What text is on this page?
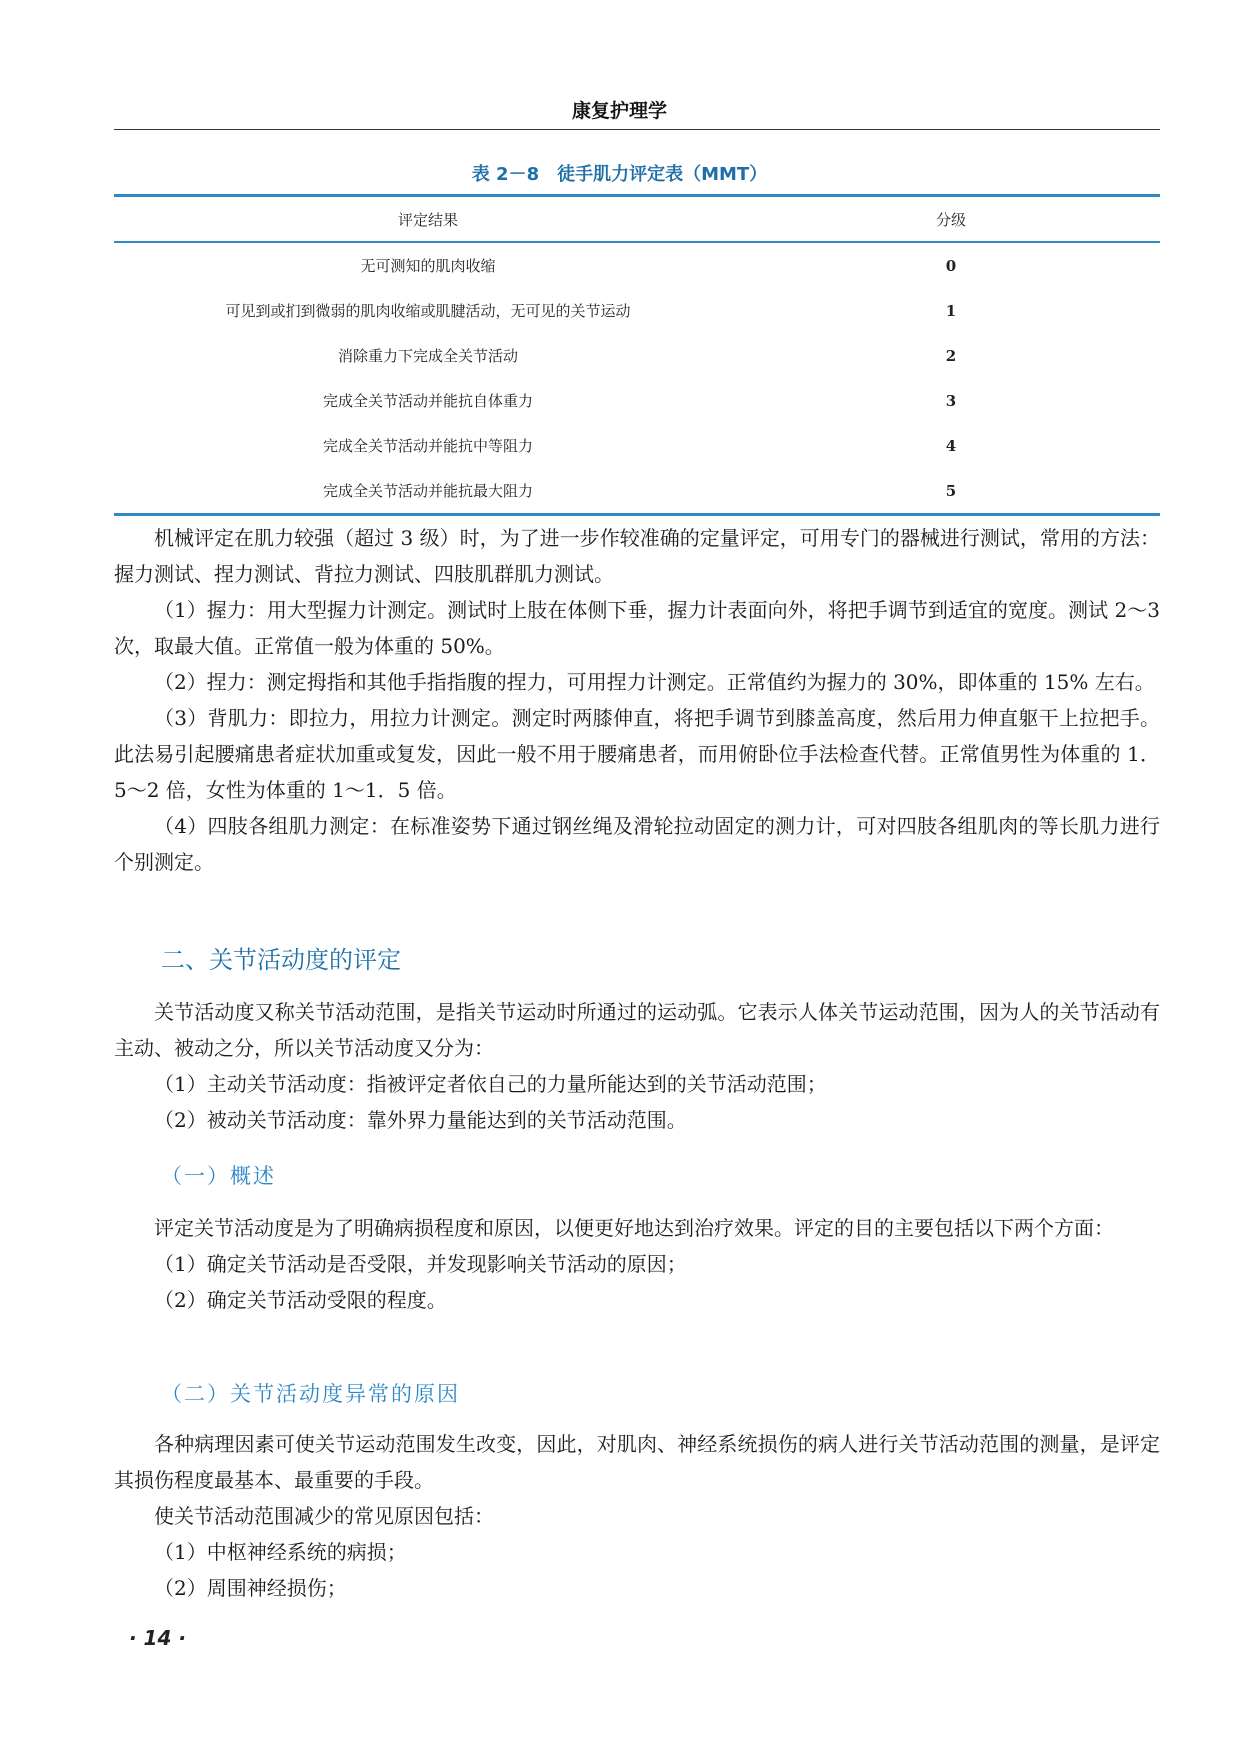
康复护理学
表 2－8　徒手肌力评定表（MMT）
评定结果	分级
无可测知的肌肉收缩	0
可见到或扪到微弱的肌肉收缩或肌腱活动，无可见的关节运动	1
消除重力下完成全关节活动	2
完成全关节活动并能抗自体重力	3
完成全关节活动并能抗中等阻力	4
完成全关节活动并能抗最大阻力	5

机械评定在肌力较强（超过 3 级）时，为了进一步作较准确的定量评定，可用专门的器械进行测试，常用的方法：握力测试、捏力测试、背拉力测试、四肢肌群肌力测试。

（1）握力：用大型握力计测定。测试时上肢在体侧下垂，握力计表面向外，将把手调节到适宜的宽度。测试 2～3 次，取最大值。正常值一般为体重的 50%。

（2）捏力：测定拇指和其他手指指腹的捏力，可用捏力计测定。正常值约为握力的 30%，即体重的 15% 左右。

（3）背肌力：即拉力，用拉力计测定。测定时两膝伸直，将把手调节到膝盖高度，然后用力伸直躯干上拉把手。此法易引起腰痛患者症状加重或复发，因此一般不用于腰痛患者，而用俯卧位手法检查代替。正常值男性为体重的 1．5～2 倍，女性为体重的 1～1．5 倍。

（4）四肢各组肌力测定：在标准姿势下通过钢丝绳及滑轮拉动固定的测力计，可对四肢各组肌肉的等长肌力进行个别测定。

二、关节活动度的评定

关节活动度又称关节活动范围，是指关节运动时所通过的运动弧。它表示人体关节运动范围，因为人的关节活动有主动、被动之分，所以关节活动度又分为：

（1）主动关节活动度：指被评定者依自己的力量所能达到的关节活动范围；

（2）被动关节活动度：靠外界力量能达到的关节活动范围。

（一）概述

评定关节活动度是为了明确病损程度和原因，以便更好地达到治疗效果。评定的目的主要包括以下两个方面：

（1）确定关节活动是否受限，并发现影响关节活动的原因；

（2）确定关节活动受限的程度。

（二）关节活动度异常的原因

各种病理因素可使关节运动范围发生改变，因此，对肌肉、神经系统损伤的病人进行关节活动范围的测量，是评定其损伤程度最基本、最重要的手段。

使关节活动范围减少的常见原因包括：

（1）中枢神经系统的病损；

（2）周围神经损伤；

· 14 ·
